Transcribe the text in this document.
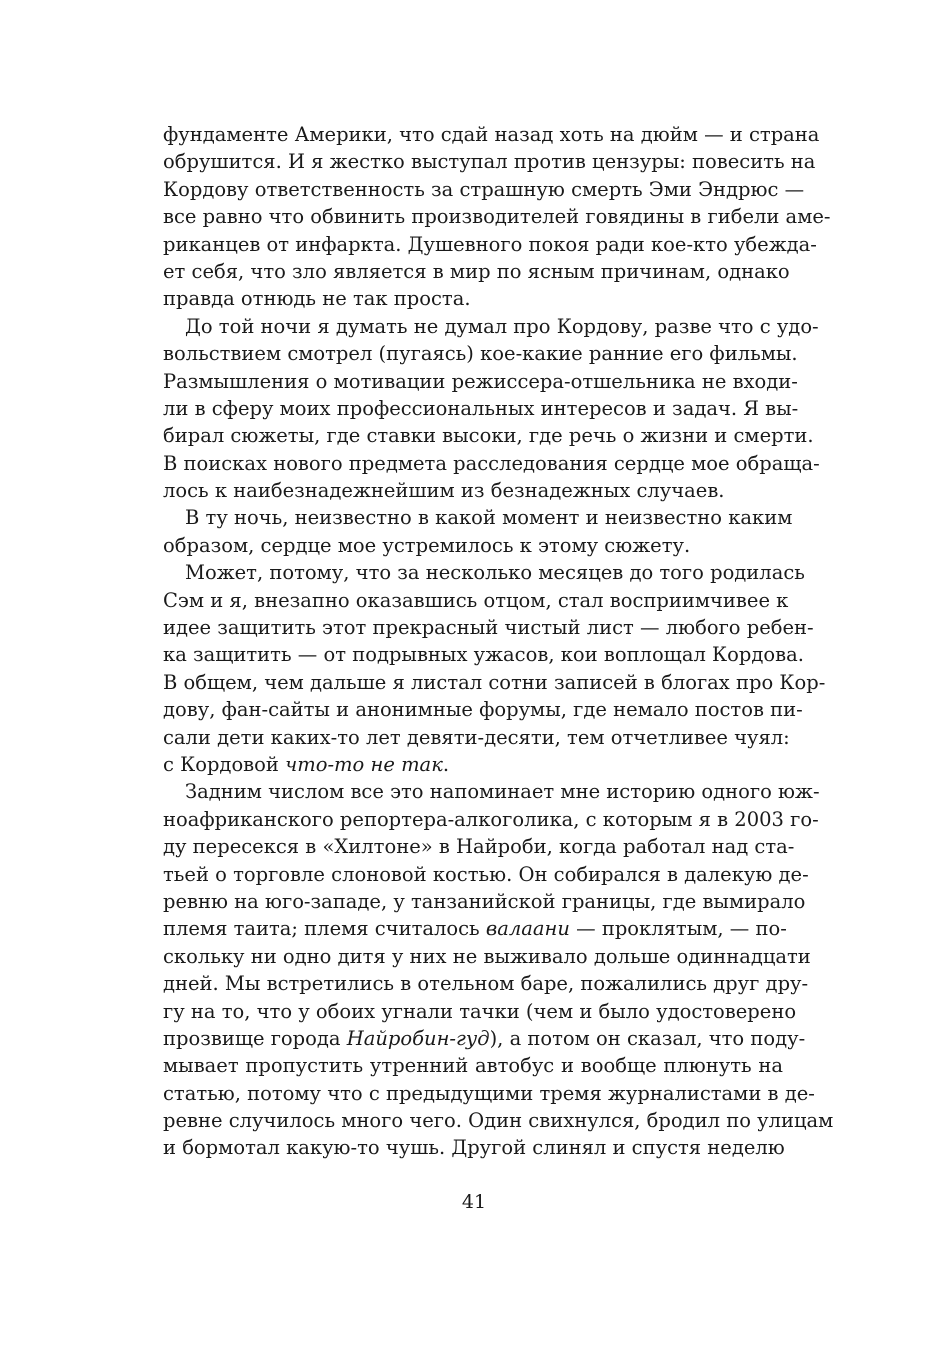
фундаменте Америки, что сдай назад хоть на дюйм — и страна
обрушится. И я жестко выступал против цензуры: повесить на
Кордову ответственность за страшную смерть Эми Эндрюс —
все равно что обвинить производителей говядины в гибели аме-
риканцев от инфаркта. Душевного покоя ради кое-кто убежда-
ет себя, что зло является в мир по ясным причинам, однако
правда отнюдь не так проста.
До той ночи я думать не думал про Кордову, разве что с удо-
вольствием смотрел (пугаясь) кое-какие ранние его фильмы.
Размышления о мотивации режиссера-отшельника не входи-
ли в сферу моих профессиональных интересов и задач. Я вы-
бирал сюжеты, где ставки высоки, где речь о жизни и смерти.
В поисках нового предмета расследования сердце мое обраща-
лось к наибезнадежнейшим из безнадежных случаев.
В ту ночь, неизвестно в какой момент и неизвестно каким
образом, сердце мое устремилось к этому сюжету.
Может, потому, что за несколько месяцев до того родилась
Сэм и я, внезапно оказавшись отцом, стал восприимчивее к
идее защитить этот прекрасный чистый лист — любого ребен-
ка защитить — от подрывных ужасов, кои воплощал Кордова.
В общем, чем дальше я листал сотни записей в блогах про Кор-
дову, фан-сайты и анонимные форумы, где немало постов пи-
сали дети каких-то лет девяти-десяти, тем отчетливее чуял:
с Кордовой что-то не так.
Задним числом все это напоминает мне историю одного юж-
ноафриканского репортера-алкоголика, с которым я в 2003 го-
ду пересекся в «Хилтоне» в Найроби, когда работал над ста-
тьей о торговле слоновой костью. Он собирался в далекую де-
ревню на юго-западе, у танзанийской границы, где вымирало
племя таита; племя считалось валаани — проклятым, — по-
скольку ни одно дитя у них не выживало дольше одиннадцати
дней. Мы встретились в отельном баре, пожалились друг дру-
гу на то, что у обоих угнали тачки (чем и было удостоверено
прозвище города Найробин-гуд), а потом он сказал, что поду-
мывает пропустить утренний автобус и вообще плюнуть на
статью, потому что с предыдущими тремя журналистами в де-
ревне случилось много чего. Один свихнулся, бродил по улицам
и бормотал какую-то чушь. Другой слинял и спустя неделю
41
